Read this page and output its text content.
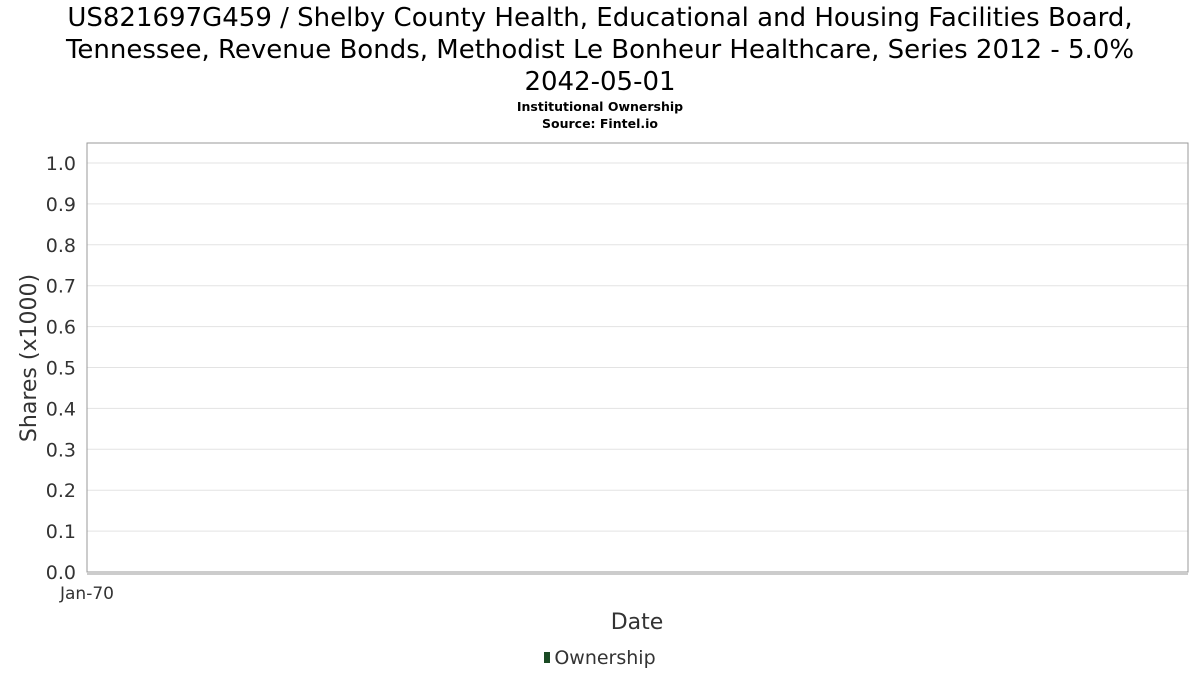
US821697G459 / Shelby County Health, Educational and Housing Facilities Board,
Tennessee, Revenue Bonds, Methodist Le Bonheur Healthcare, Series 2012 - 5.0%
2042-05-01
Institutional Ownership
Source: Fintel.io
0.0
0.1
0.2
0.3
0.4
0.5
0.6
0.7
0.8
0.9
1.0
Jan-70
Shares (x1000)
Date
Ownership
